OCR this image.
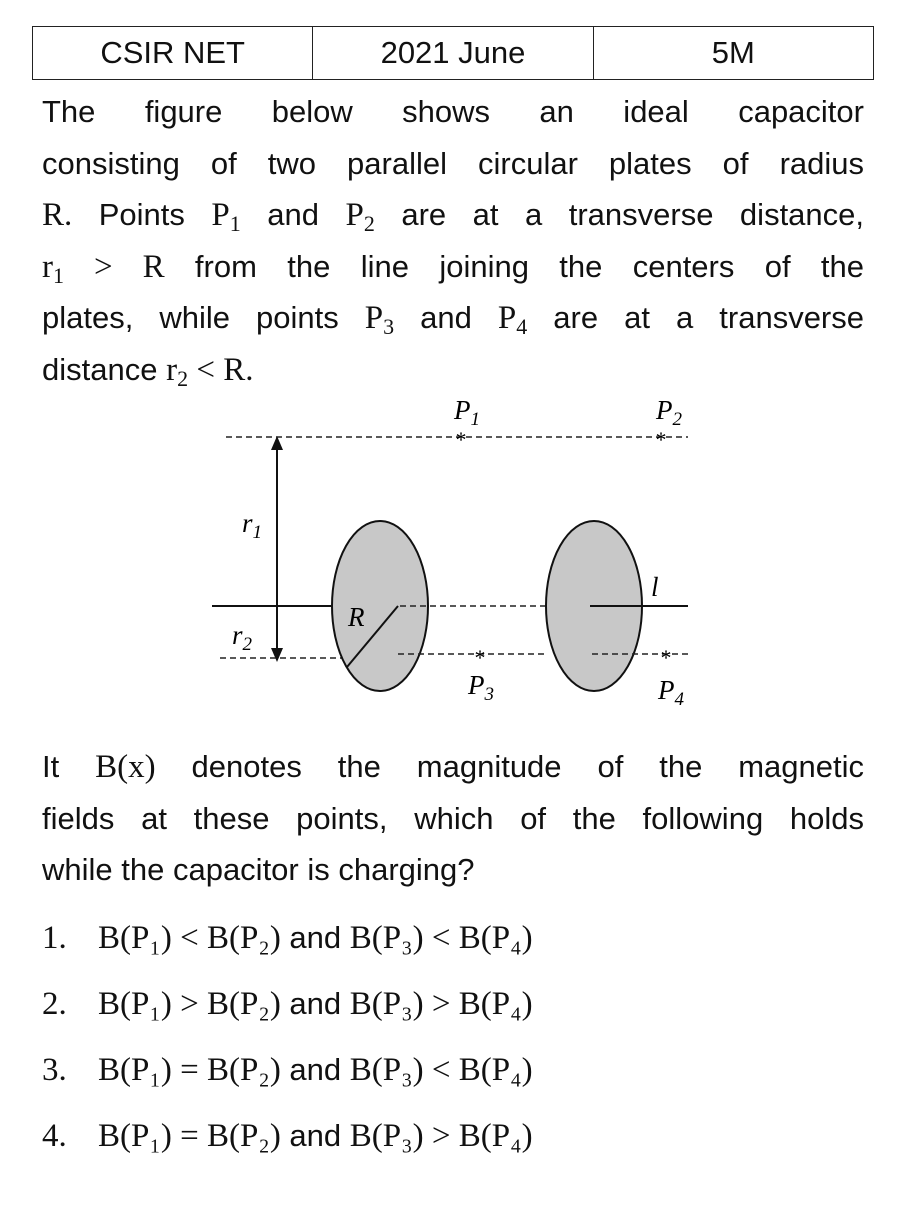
CSIR NET	2021 June	5M
The figure below shows an ideal capacitor
consisting of two parallel circular plates of radius
R. Points $P_1$ and $P_2$ are at a transverse distance,
$r_1 > R$ from the line joining the centers of the
plates, while points $P_3$ and $P_4$ are at a transverse
distance $r_2 < R$.
*	*
$P_1$	$P_2$
$r_1$
$r_2$
R
*
$P_3$
l
*
$P_4$
It B(x) denotes the magnitude of the magnetic
fields at these points, which of the following holds
while the capacitor is charging?
1. B(P₁) < B(P₂) and B(P₃) < B(P₄)
2. B(P₁) > B(P₂) and B(P₃) > B(P₄)
3. B(P₁) = B(P₂) and B(P₃) < B(P₄)
4. B(P₁) = B(P₂) and B(P₃) > B(P₄)
